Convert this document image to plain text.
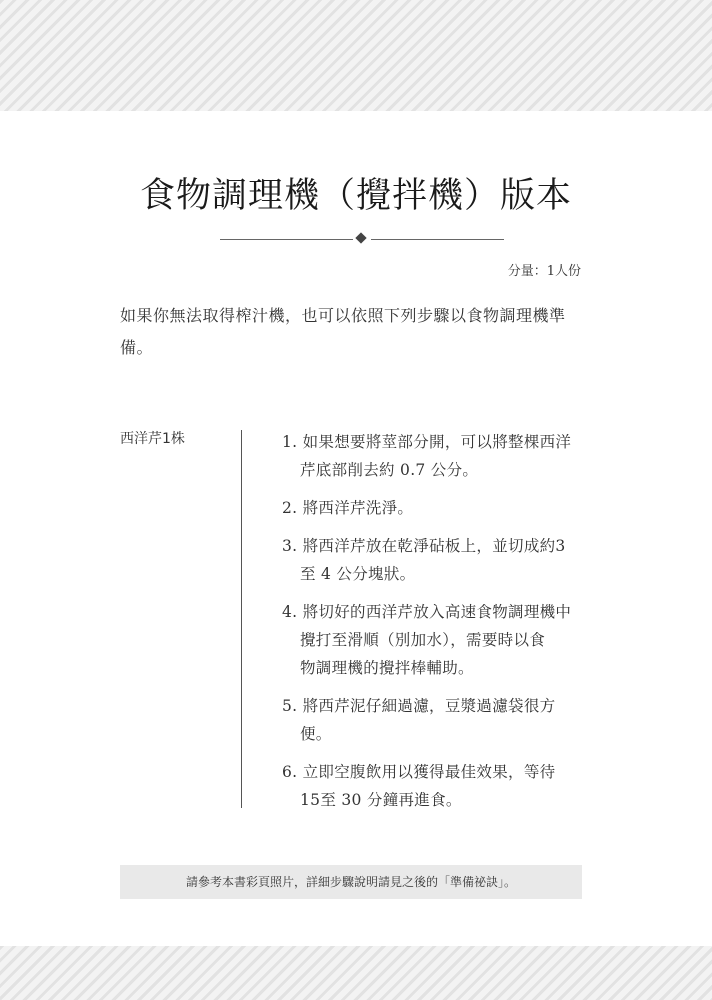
食物調理機（攪拌機）版本
分量：1人份

如果你無法取得榨汁機，也可以依照下列步驟以食物調理機準備。

西洋芹1株	1. 如果想要將莖部分開，可以將整棵西洋
芹底部削去約 0.7 公分。
2. 將西洋芹洗淨。
3. 將西洋芹放在乾淨砧板上，並切成約3
至 4 公分塊狀。
4. 將切好的西洋芹放入高速食物調理機中
攪打至滑順（別加水），需要時以食
物調理機的攪拌棒輔助。
5. 將西芹泥仔細過濾，豆漿過濾袋很方
便。
6. 立即空腹飲用以獲得最佳效果，等待
15至 30 分鐘再進食。
請參考本書彩頁照片，詳細步驟說明請見之後的「準備祕訣」。
